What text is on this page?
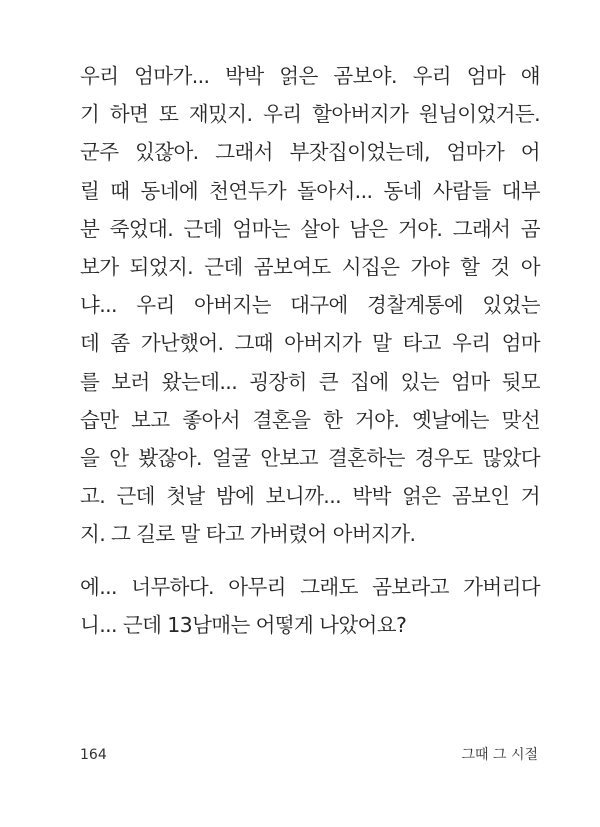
우리 엄마가... 박박 얽은 곰보야. 우리 엄마 얘
기 하면 또 재밌지. 우리 할아버지가 원님이었거든.
군주 있잖아. 그래서 부잣집이었는데, 엄마가 어
릴 때 동네에 천연두가 돌아서... 동네 사람들 대부
분 죽었대. 근데 엄마는 살아 남은 거야. 그래서 곰
보가 되었지. 근데 곰보여도 시집은 가야 할 것 아
냐... 우리 아버지는 대구에 경찰계통에 있었는
데 좀 가난했어. 그때 아버지가 말 타고 우리 엄마
를 보러 왔는데... 굉장히 큰 집에 있는 엄마 뒷모
습만 보고 좋아서 결혼을 한 거야. 옛날에는 맞선
을 안 봤잖아. 얼굴 안보고 결혼하는 경우도 많았다
고. 근데 첫날 밤에 보니까... 박박 얽은 곰보인 거
지. 그 길로 말 타고 가버렸어 아버지가.
에... 너무하다. 아무리 그래도 곰보라고 가버리다
니... 근데 13남매는 어떻게 나았어요?
164	그때 그 시절
